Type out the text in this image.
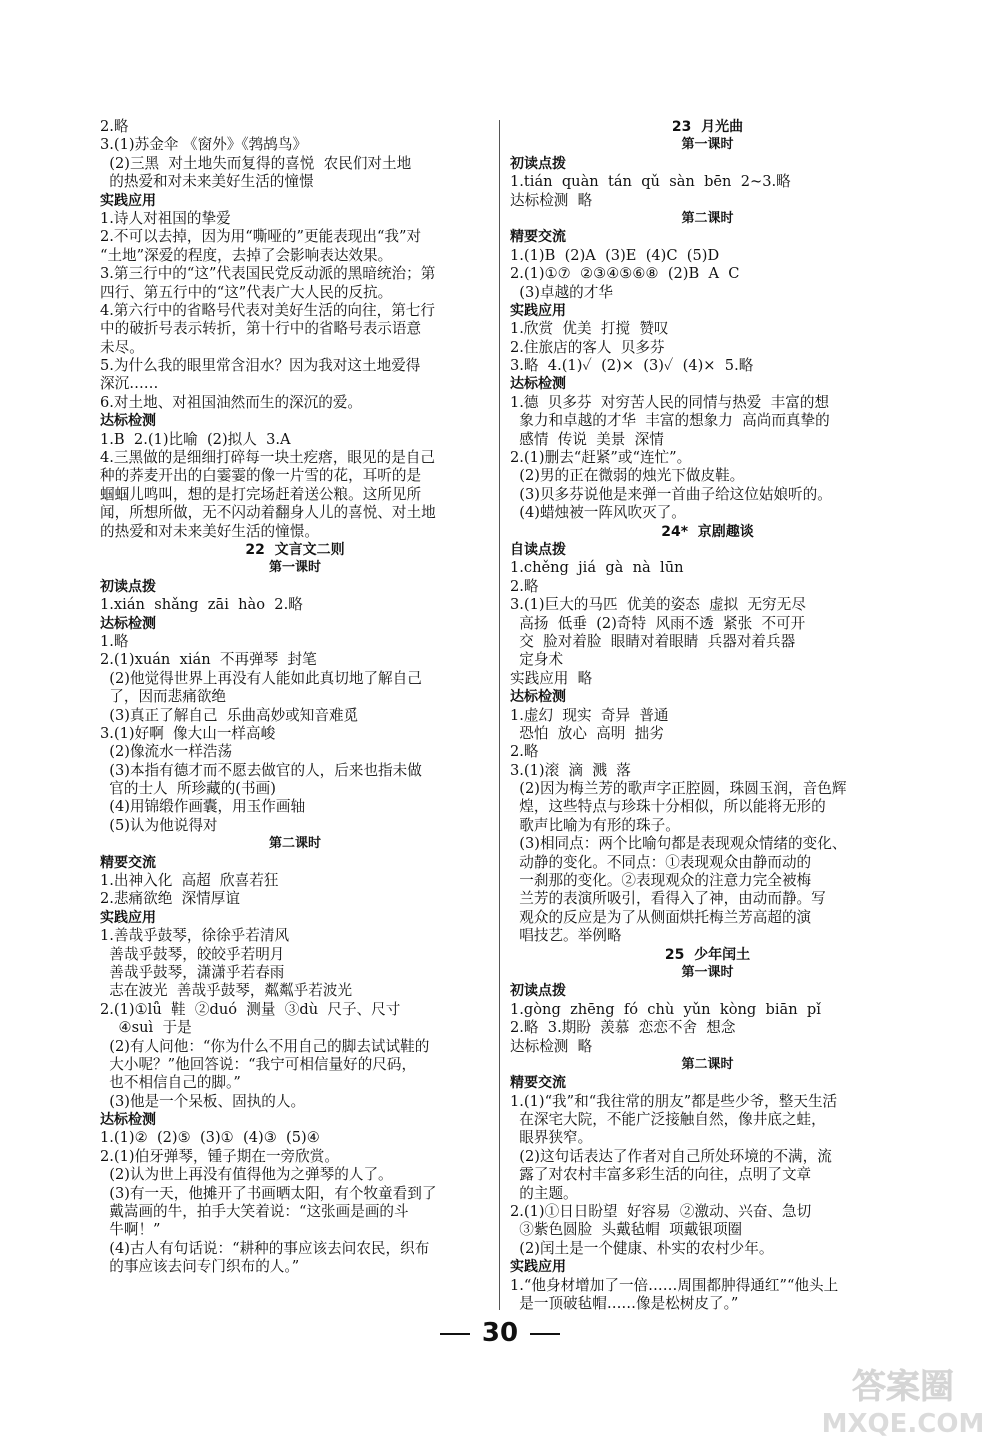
2.略
3.(1)苏金伞 《窗外》《鹁鸪鸟》
(2)三黑  对土地失而复得的喜悦  农民们对土地
的热爱和对未来美好生活的憧憬
实践应用
1.诗人对祖国的挚爱
2.不可以去掉，因为用“嘶哑的”更能表现出“我”对
“土地”深爱的程度，去掉了会影响表达效果。
3.第三行中的“这”代表国民党反动派的黑暗统治；第
四行、第五行中的“这”代表广大人民的反抗。
4.第六行中的省略号代表对美好生活的向往，第七行
中的破折号表示转折，第十行中的省略号表示语意
未尽。
5.为什么我的眼里常含泪水？因为我对这土地爱得
深沉……
6.对土地、对祖国油然而生的深沉的爱。
达标检测
1.B  2.(1)比喻  (2)拟人  3.A
4.三黑做的是细细打碎每一块土疙瘩，眼见的是自己
种的荞麦开出的白霎霎的像一片雪的花，耳听的是
蝈蝈儿鸣叫，想的是打完场赶着送公粮。这所见所
闻，所想所做，无不闪动着翻身人儿的喜悦、对土地
的热爱和对未来美好生活的憧憬。
22  文言文二则
第一课时
初读点拨
1.xián  shǎng  zāi  hào  2.略
达标检测
1.略
2.(1)xuán  xián  不再弹琴  封笔
(2)他觉得世界上再没有人能如此真切地了解自己
了，因而悲痛欲绝
(3)真正了解自己  乐曲高妙或知音难觅
3.(1)好啊  像大山一样高峻
(2)像流水一样浩荡
(3)本指有德才而不愿去做官的人，后来也指未做
官的士人  所珍藏的(书画)
(4)用锦缎作画囊，用玉作画轴
(5)认为他说得对
第二课时
精要交流
1.出神入化  高超  欣喜若狂
2.悲痛欲绝  深情厚谊
实践应用
1.善哉乎鼓琴，徐徐乎若清风
善哉乎鼓琴，皎皎乎若明月
善哉乎鼓琴，潇潇乎若春雨
志在波光  善哉乎鼓琴，粼粼乎若波光
2.(1)①lǚ  鞋  ②duó  测量  ③dù  尺子、尺寸
④suì  于是
(2)有人问他：“你为什么不用自己的脚去试试鞋的
大小呢？”他回答说：“我宁可相信量好的尺码，
也不相信自己的脚。”
(3)他是一个呆板、固执的人。
达标检测
1.(1)②  (2)⑤  (3)①  (4)③  (5)④
2.(1)伯牙弹琴，锺子期在一旁欣赏。
(2)认为世上再没有值得他为之弹琴的人了。
(3)有一天，他摊开了书画晒太阳，有个牧童看到了
戴嵩画的牛，拍手大笑着说：“这张画是画的斗
牛啊！”
(4)古人有句话说：“耕种的事应该去问农民，织布
的事应该去问专门织布的人。”
23  月光曲
第一课时
初读点拨
1.tián  quàn  tán  qǔ  sàn  bēn  2~3.略
达标检测  略
第二课时
精要交流
1.(1)B  (2)A  (3)E  (4)C  (5)D
2.(1)①⑦  ②③④⑤⑥⑧  (2)B  A  C
(3)卓越的才华
实践应用
1.欣赏  优美  打搅  赞叹
2.住旅店的客人  贝多芬
3.略  4.(1)✓  (2)×  (3)✓  (4)×  5.略
达标检测
1.德  贝多芬  对穷苦人民的同情与热爱  丰富的想
象力和卓越的才华  丰富的想象力  高尚而真挚的
感情  传说  美景  深情
2.(1)删去“赶紧”或“连忙”。
(2)男的正在微弱的烛光下做皮鞋。
(3)贝多芬说他是来弹一首曲子给这位姑娘听的。
(4)蜡烛被一阵风吹灭了。
24*  京剧趣谈
自读点拨
1.chěng  jiá  gà  nà  lūn
2.略
3.(1)巨大的马匹  优美的姿态  虚拟  无穷无尽
高扬  低垂  (2)奇特  风雨不透  紧张  不可开
交  脸对着脸  眼睛对着眼睛  兵器对着兵器
定身术
实践应用  略
达标检测
1.虚幻  现实  奇异  普通
恐怕  放心  高明  拙劣
2.略
3.(1)滚  滴  溅  落
(2)因为梅兰芳的歌声字正腔圆，珠圆玉润，音色辉
煌，这些特点与珍珠十分相似，所以能将无形的
歌声比喻为有形的珠子。
(3)相同点：两个比喻句都是表现观众情绪的变化、
动静的变化。不同点：①表现观众由静而动的
一刹那的变化。②表现观众的注意力完全被梅
兰芳的表演所吸引，看得入了神，由动而静。写
观众的反应是为了从侧面烘托梅兰芳高超的演
唱技艺。举例略
25  少年闰土
第一课时
初读点拨
1.gòng  zhēng  fó  chù  yǔn  kòng  biān  pǐ
2.略  3.期盼  羡慕  恋恋不舍  想念
达标检测  略
第二课时
精要交流
1.(1)“我”和“我往常的朋友”都是些少爷，整天生活
在深宅大院，不能广泛接触自然，像井底之蛙，
眼界狭窄。
(2)这句话表达了作者对自己所处环境的不满，流
露了对农村丰富多彩生活的向往，点明了文章
的主题。
2.(1)①日日盼望  好容易  ②激动、兴奋、急切
③紫色圆脸  头戴毡帽  项戴银项圈
(2)闰土是一个健康、朴实的农村少年。
实践应用
1.“他身材增加了一倍……周围都肿得通红”“他头上
是一顶破毡帽……像是松树皮了。”
30
答案圈
MXQE.COM
